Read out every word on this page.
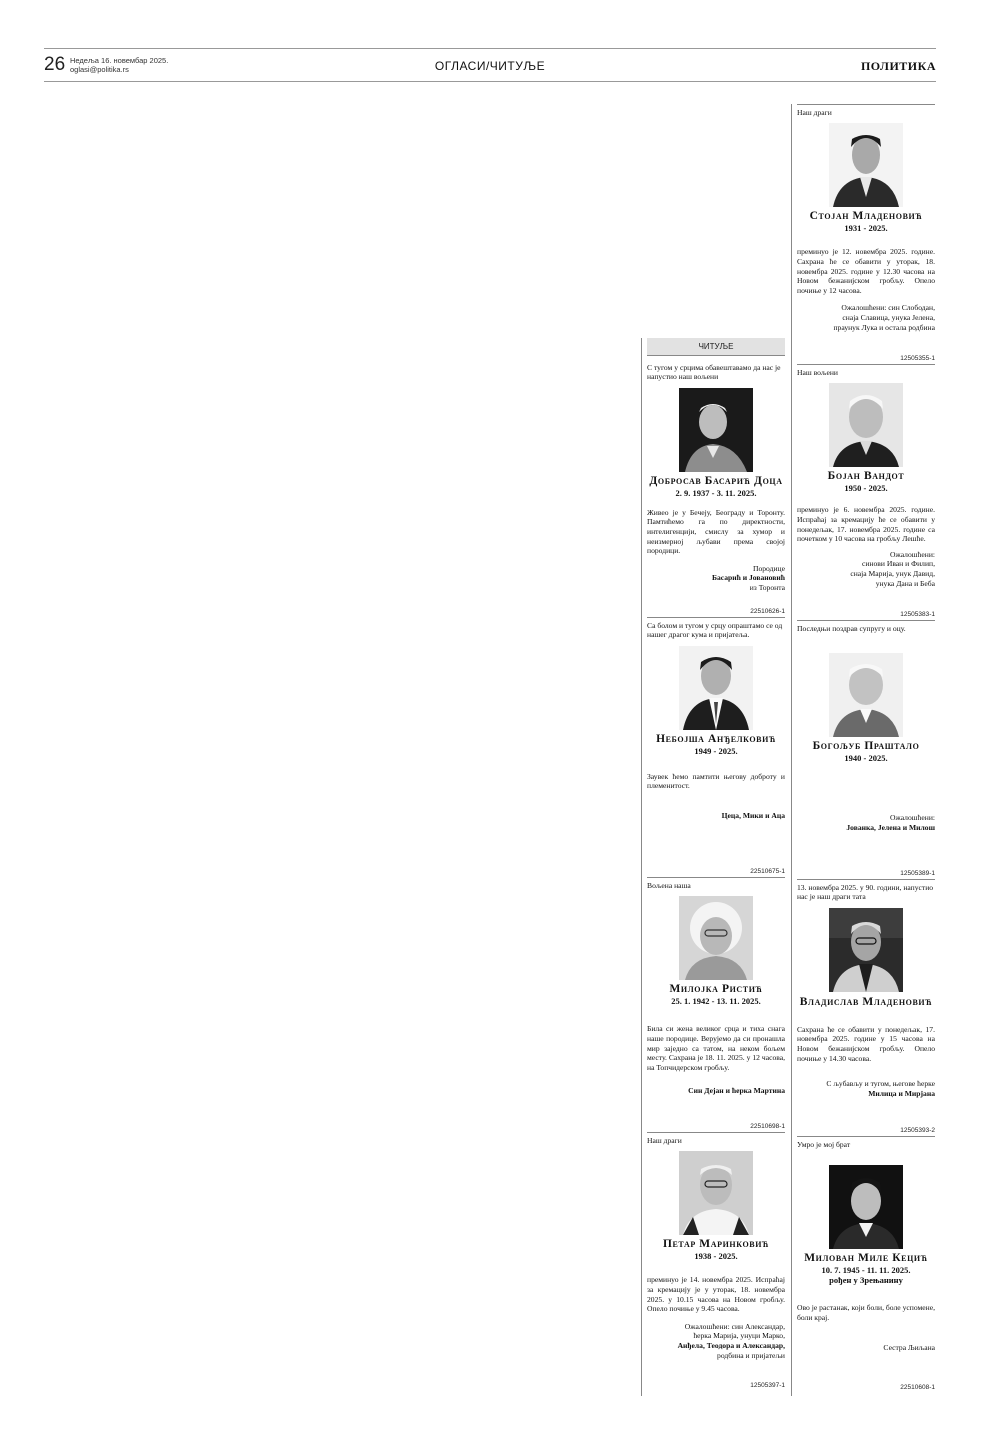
26 Недеља 16. новембар 2025.
oglasi@politika.rs	ОГЛАСИ/ЧИТУЉЕ	ПОЛИТИКА
ЧИТУЉЕ
С тугом у срцима обавештавамо да нас је напустио наш вољени
Добросав Басарић Доца
2. 9. 1937 - 3. 11. 2025.
Живео је у Бечеју, Београду и Торонту. Памтићемо га по директности, интелигенцији, смислу за хумор и неизмерној љубави према својој породици.
Породице
Басарић и Јовановић
из Торонта
22510626-1
Са болом и тугом у срцу опраштамо се од нашег драгог кума и пријатеља.
Небојша Анђелковић
1949 - 2025.
Заувек ћемо памтити његову доброту и племенитост.
Цеца, Мики и Аца
22510675-1
Вољена наша
Милојка Ристић
25. 1. 1942 - 13. 11. 2025.
Била си жена великог срца и тиха снага наше породице. Верујемо да си пронашла мир заједно са татом, на неком бољем месту. Сахрана је 18. 11. 2025. у 12 часова, на Топчидерском гробљу.
Син Дејан и ћерка Мартина
22510698-1
Наш драги
Петар Маринковић
1938 - 2025.
преминуо је 14. новембра 2025. Испраћај за кремацију је у уторак, 18. новембра 2025. у 10.15 часова на Новом гробљу. Опело почиње у 9.45 часова.
Ожалошћени: син Александар,
ћерка Марија, унуци Марко,
Анђела, Теодора и Александар,
родбина и пријатељи
12505397-1
Наш драги
Стојан Младеновић
1931 - 2025.
преминуо је 12. новембра 2025. године. Сахрана ће се обавити у уторак, 18. новембра 2025. године у 12.30 часова на Новом бежанијском гробљу. Опело почиње у 12 часова.
Ожалошћени: син Слободан,
снаја Славица, унука Јелена,
праунук Лука и остала родбина
12505355-1
Наш вољени
Бојан Вандот
1950 - 2025.
преминуо је 6. новембра 2025. године. Испраћај за кремацију ће се обавити у понедељак, 17. новембра 2025. године са почетком у 10 часова на гробљу Лешће.
Ожалошћени:
синови Иван и Филип,
снаја Марија, унук Давид,
унука Дана и Беба
12505383-1
Последњи поздрав супругу и оцу.
Богољуб Праштало
1940 - 2025.
Ожалошћени:
Јованка, Јелена и Милош
12505389-1
13. новембра 2025. у 90. години, напустио нас је наш драги тата
Владислав Младеновић
Сахрана ће се обавити у понедељак, 17. новембра 2025. године у 15 часова на Новом бежанијском гробљу. Опело почиње у 14.30 часова.
С љубављу и тугом, његове ћерке
Милица и Мирјана
12505393-2
Умро је мој брат
Милован Миле Кецић
10. 7. 1945 - 11. 11. 2025.
рођен у Зрењанину
Ово је растанак, који боли, боле успомене, боли крај.
Сестра Љиљана
22510608-1
